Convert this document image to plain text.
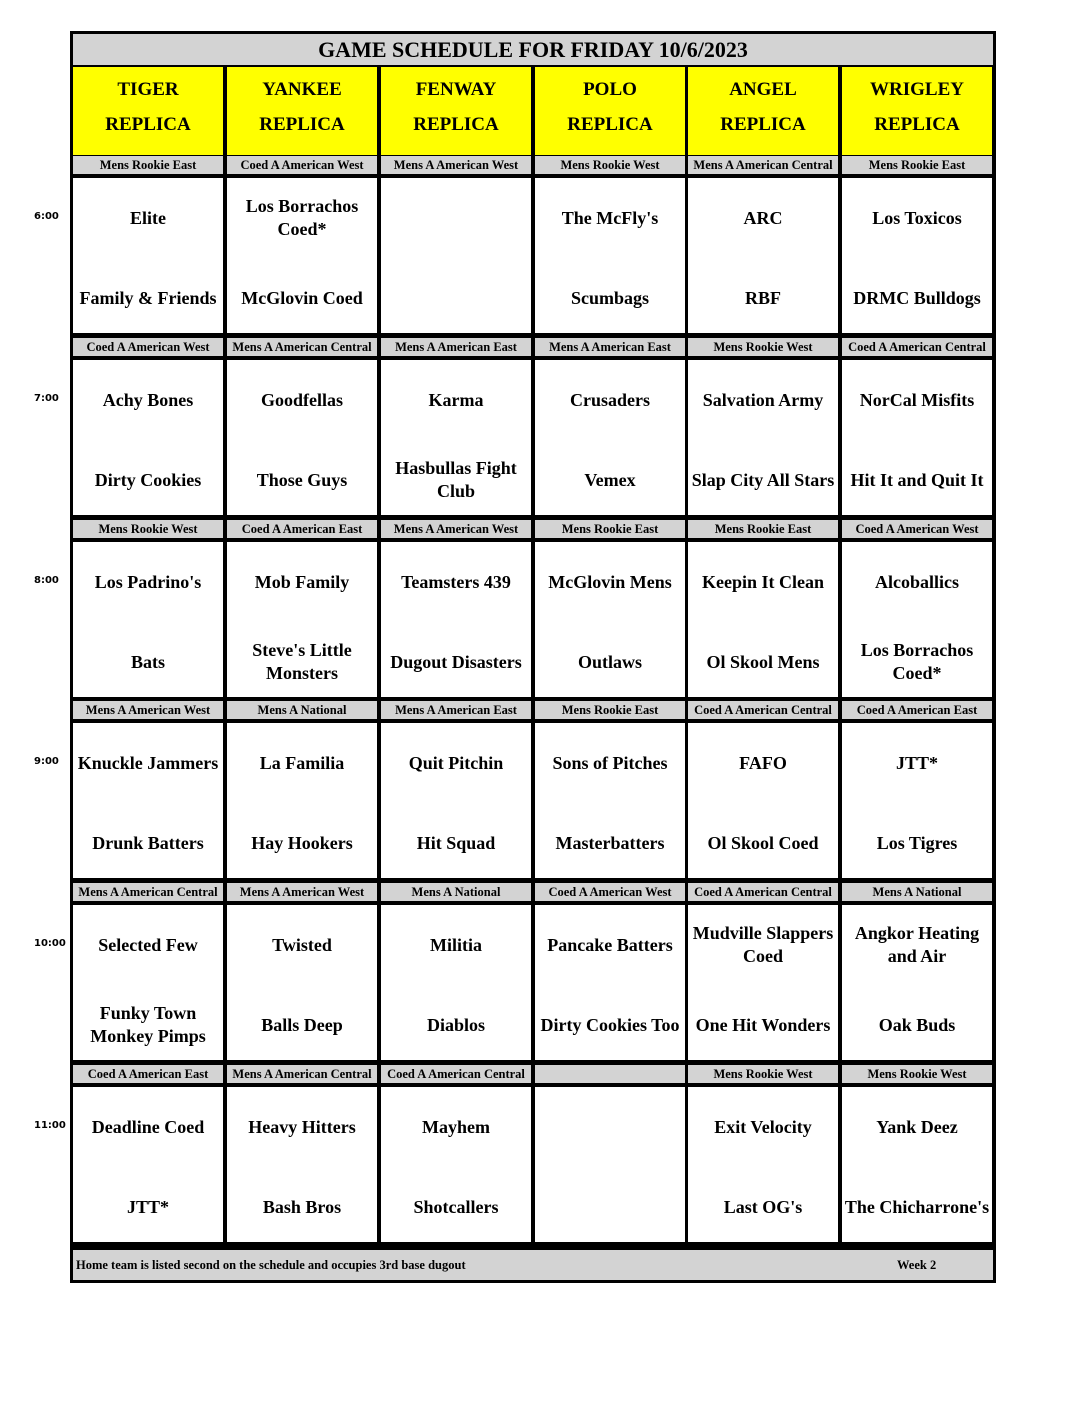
GAME SCHEDULE FOR FRIDAY 10/6/2023
TIGER
REPLICA
YANKEE
REPLICA
FENWAY
REPLICA
POLO
REPLICA
ANGEL
REPLICA
WRIGLEY
REPLICA
Mens Rookie East
Elite
Family & Friends
Coed A American West
Los Borrachos Coed*
McGlovin Coed
Mens A American West	Mens Rookie West
The McFly's
Scumbags
Mens A American Central
ARC
RBF
Mens Rookie East
Los Toxicos
DRMC Bulldogs
Coed A American West
Achy Bones
Dirty Cookies
Mens A American Central
Goodfellas
Those Guys
Mens A American East
Karma
Hasbullas Fight Club
Mens A American East
Crusaders
Vemex
Mens Rookie West
Salvation Army
Slap City All Stars
Coed A American Central
NorCal Misfits
Hit It and Quit It
Mens Rookie West
Los Padrino's
Bats
Coed A American East
Mob Family
Steve's Little Monsters
Mens A American West
Teamsters 439
Dugout Disasters
Mens Rookie East
McGlovin Mens
Outlaws
Mens Rookie East
Keepin It Clean
Ol Skool Mens
Coed A American West
Alcoballics
Los Borrachos Coed*
Mens A American West
Knuckle Jammers
Drunk Batters
Mens A National
La Familia
Hay Hookers
Mens A American East
Quit Pitchin
Hit Squad
Mens Rookie East
Sons of Pitches
Masterbatters
Coed A American Central
FAFO
Ol Skool Coed
Coed A American East
JTT*
Los Tigres
Mens A American Central
Selected Few
Funky Town Monkey Pimps
Mens A American West
Twisted
Balls Deep
Mens A National
Militia
Diablos
Coed A American West
Pancake Batters
Dirty Cookies Too
Coed A American Central
Mudville Slappers Coed
One Hit Wonders
Mens A National
Angkor Heating and Air
Oak Buds
Coed A American East
Deadline Coed
JTT*
Mens A American Central
Heavy Hitters
Bash Bros
Coed A American Central
Mayhem
Shotcallers
Mens Rookie West
Exit Velocity
Last OG's
Mens Rookie West
Yank Deez
The Chicharrone's
Home team is listed second on the schedule and occupies 3rd base dugout	Week 2
6:00
7:00
8:00
9:00
10:00
11:00
